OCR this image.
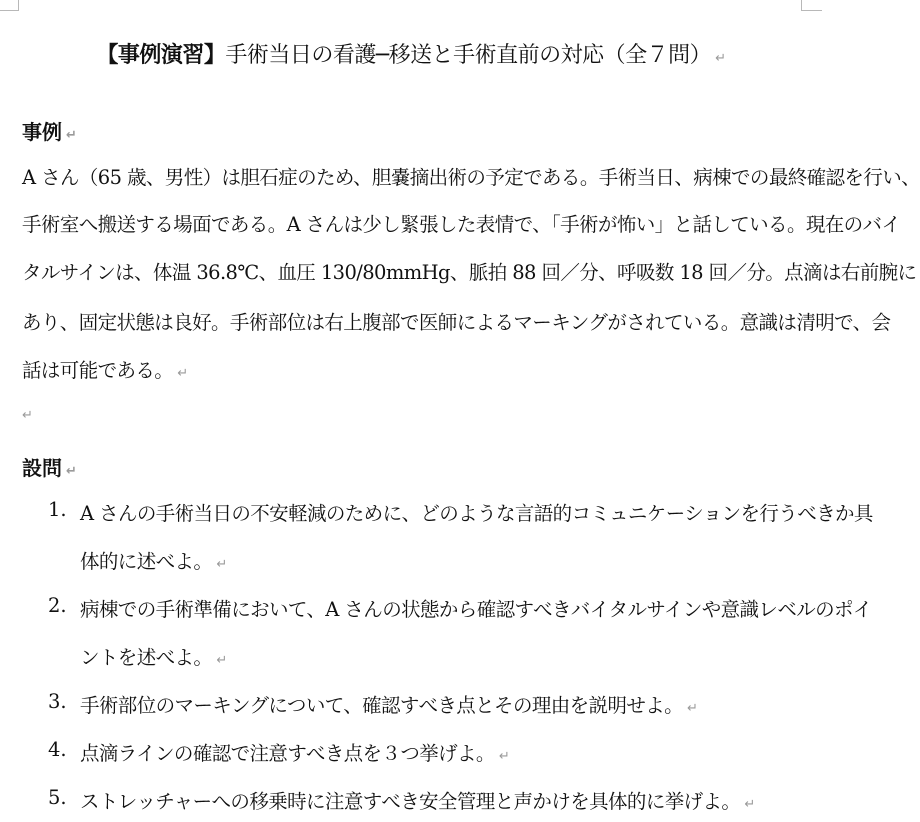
【事例演習】手術当日の看護─移送と手術直前の対応（全７問） ↵
事例 ↵
A さん（65 歳、男性）は胆石症のため、胆嚢摘出術の予定である。手術当日、病棟での最終確認を行い、
手術室へ搬送する場面である。A さんは少し緊張した表情で、「手術が怖い」と話している。現在のバイ
タルサインは、体温 36.8℃、血圧 130/80mmHg、脈拍 88 回／分、呼吸数 18 回／分。点滴は右前腕に
あり、固定状態は良好。手術部位は右上腹部で医師によるマーキングがされている。意識は清明で、会
話は可能である。 ↵
↵
設問 ↵
1. A さんの手術当日の不安軽減のために、どのような言語的コミュニケーションを行うべきか具
体的に述べよ。 ↵
2. 病棟での手術準備において、A さんの状態から確認すべきバイタルサインや意識レベルのポイ
ントを述べよ。 ↵
3. 手術部位のマーキングについて、確認すべき点とその理由を説明せよ。 ↵
4. 点滴ラインの確認で注意すべき点を３つ挙げよ。 ↵
5. ストレッチャーへの移乗時に注意すべき安全管理と声かけを具体的に挙げよ。 ↵
